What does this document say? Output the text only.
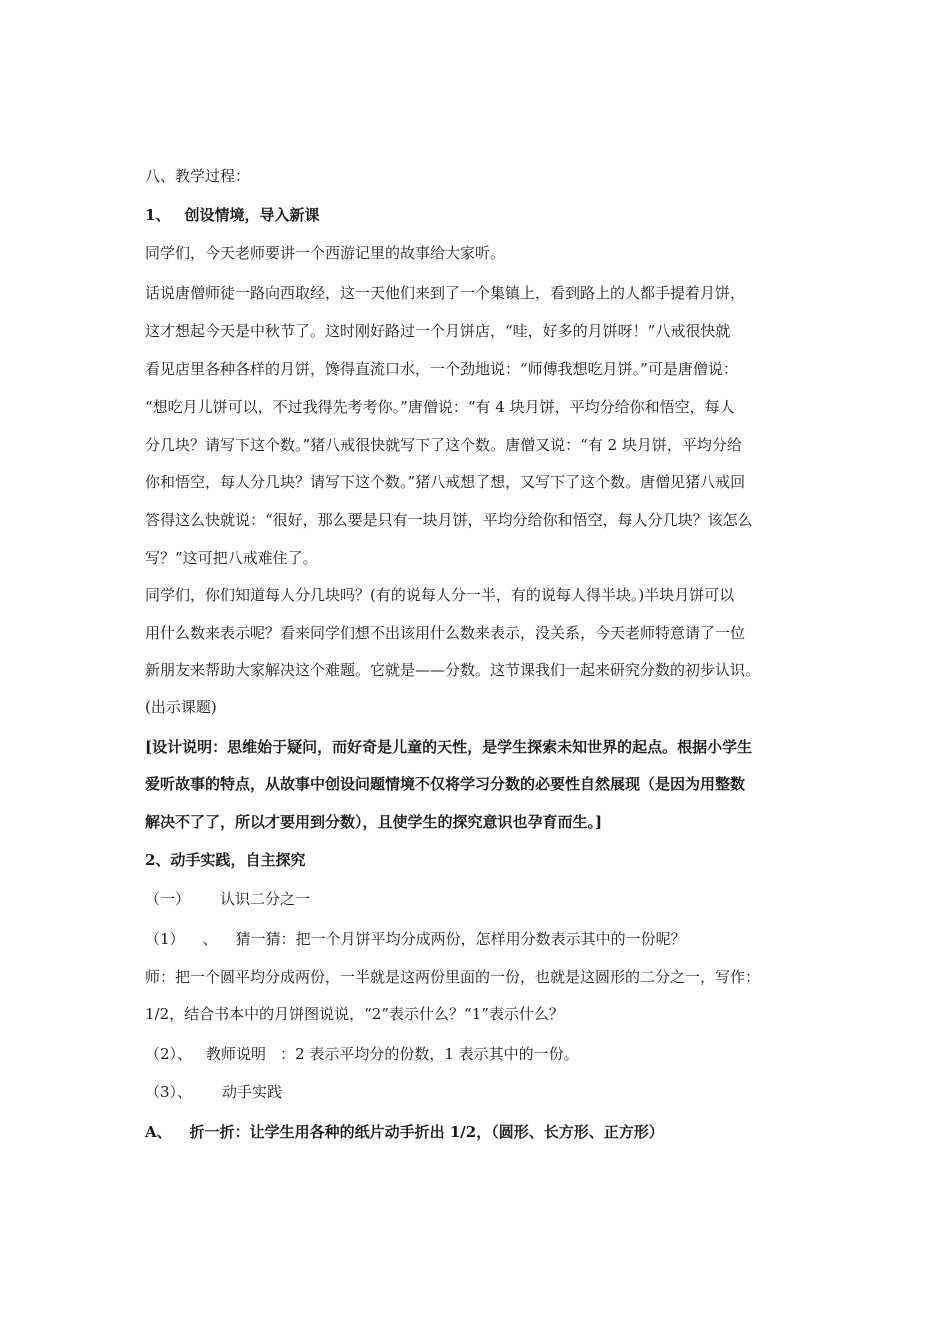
八、教学过程：
1、 创设情境，导入新课
同学们，今天老师要讲一个西游记里的故事给大家听。
话说唐僧师徒一路向西取经，这一天他们来到了一个集镇上，看到路上的人都手提着月饼，
这才想起今天是中秋节了。这时刚好路过一个月饼店，“哇，好多的月饼呀！”八戒很快就
看见店里各种各样的月饼，馋得直流口水，一个劲地说：“师傅我想吃月饼。”可是唐僧说：
“想吃月儿饼可以，不过我得先考考你。”唐僧说：“有 4 块月饼，平均分给你和悟空，每人
分几块？请写下这个数。”猪八戒很快就写下了这个数。唐僧又说：“有 2 块月饼，平均分给
你和悟空，每人分几块？请写下这个数。”猪八戒想了想，又写下了这个数。唐僧见猪八戒回
答得这么快就说：“很好，那么要是只有一块月饼，平均分给你和悟空，每人分几块？该怎么
写？”这可把八戒难住了。
同学们，你们知道每人分几块吗？(有的说每人分一半，有的说每人得半块。)半块月饼可以
用什么数来表示呢？看来同学们想不出该用什么数来表示，没关系，今天老师特意请了一位
新朋友来帮助大家解决这个难题。它就是——分数。这节课我们一起来研究分数的初步认识。
(出示课题)
[设计说明：思维始于疑问，而好奇是儿童的天性，是学生探索未知世界的起点。根据小学生
爱听故事的特点，从故事中创设问题情境不仅将学习分数的必要性自然展现（是因为用整数
解决不了了，所以才要用到分数），且使学生的探究意识也孕育而生。]
2、动手实践，自主探究
（一） 认识二分之一
（1） 、 猜一猜：把一个月饼平均分成两份，怎样用分数表示其中的一份呢？
师：把一个圆平均分成两份，一半就是这两份里面的一份，也就是这圆形的二分之一，写作：
1/2，结合书本中的月饼图说说，“2”表示什么？“1”表示什么？
（2）、 教师说明 ：2 表示平均分的份数，1 表示其中的一份。
（3）、 动手实践
A、 折一折：让学生用各种的纸片动手折出 1/2，（圆形、长方形、正方形）
